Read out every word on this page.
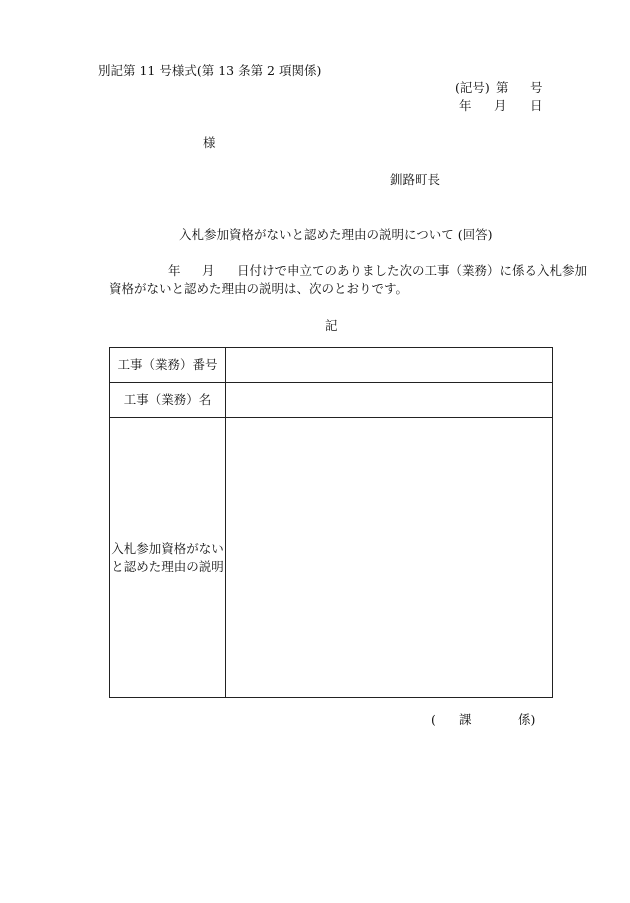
別記第 11 号様式(第 13 条第 2 項関係)
(記号) 第 号
年 月 日
様
釧路町長
入札参加資格がないと認めた理由の説明について (回答)
年 月 日付けで申立てのありました次の工事（業務）に係る入札参加
資格がないと認めた理由の説明は、次のとおりです。
記
工事（業務）番号	
工事（業務）名	

入札参加資格がない
と認めた理由の説明	

( 課	係)
